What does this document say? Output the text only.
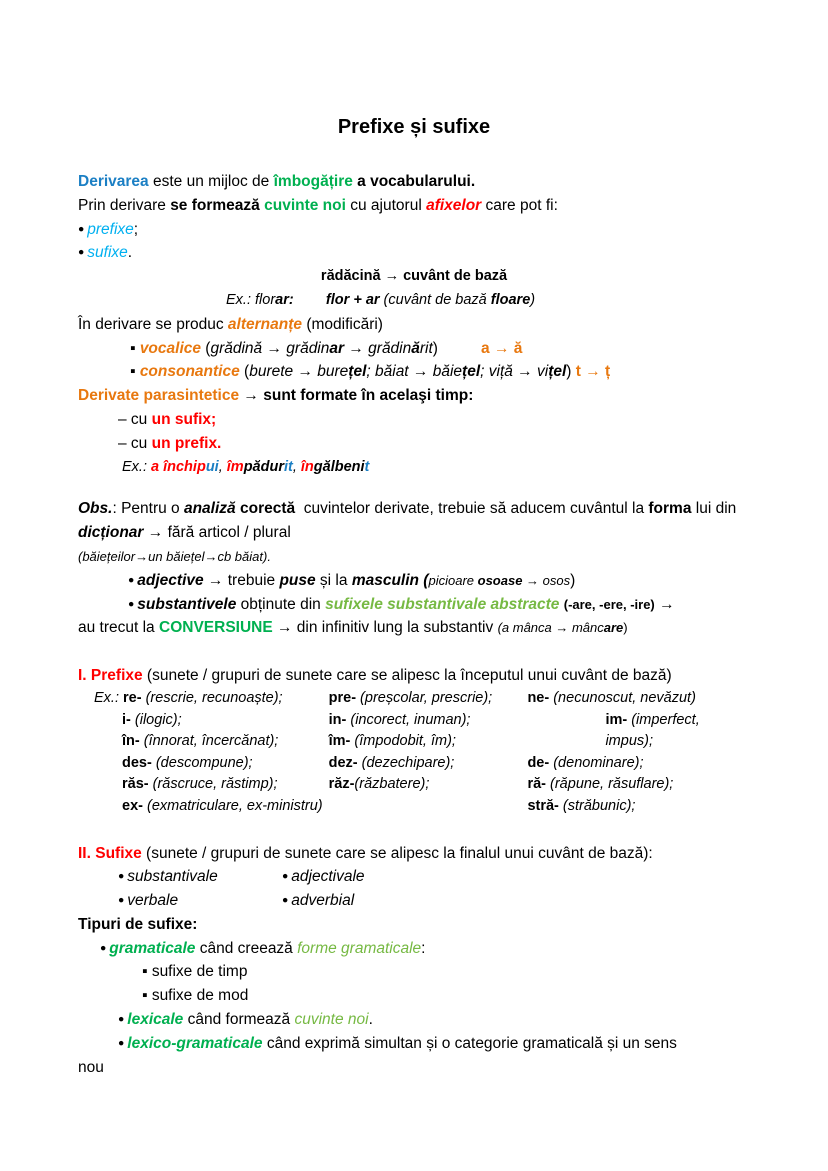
Prefixe și sufixe
Derivarea este un mijloc de îmbogățire a vocabularului.
Prin derivare se formează cuvinte noi cu ajutorul afixelor care pot fi:
● prefixe;
● sufixe.
rădăcină → cuvânt de bază
Ex.: florar:        flor + ar (cuvânt de bază floare)
În derivare se produc alternanțe (modificări)
▪ vocalice (grădină → grădinar → grădinărit)	a → ă
▪ consonantice (burete → burețel; băiat → băiețel; viță → vițel) t → ț
Derivate parasintetice → sunt formate în acelaşi timp:
– cu un sufix;
– cu un prefix.
Ex.: a închipui, împădurit, îngălbenit
Obs.: Pentru o analiză corectă  cuvintelor derivate, trebuie să aducem cuvântul la forma lui din dicționar → fără articol / plural
(băiețeilor→un băiețel→cb băiat).
● adjective → trebuie puse și la masculin (picioare osoase → osos)
● substantivele obținute din sufixele substantivale abstracte (-are, -ere, -ire) →
au trecut la CONVERSIUNE → din infinitiv lung la substantiv (a mânca → mâncare)
I. Prefixe (sunete / grupuri de sunete care se alipesc la începutul unui cuvânt de bază)
Ex.: re- (rescrie, recunoaște);
i- (ilogic);
în- (înnorat, încercănat);
des- (descompune);
răs- (răscruce, răstimp);
ex- (exmatriculare, ex-ministru)
pre- (preșcolar, prescrie);
in- (incorect, inuman);
îm- (împodobit, îm);
dez- (dezechipare);
răz-(răzbatere);
ne- (necunoscut, nevăzut)
im- (imperfect, impus);
de- (denominare);
ră- (răpune, răsuflare);
stră- (străbunic);
II. Sufixe (sunete / grupuri de sunete care se alipesc la finalul unui cuvânt de bază):
● substantivale
● verbale
● adjectivale
● adverbial
Tipuri de sufixe:
● gramaticale când creează forme gramaticale:
▪ sufixe de timp
▪ sufixe de mod
● lexicale când formează cuvinte noi.
● lexico-gramaticale când exprimă simultan și o categorie gramaticală și un sens
nou
